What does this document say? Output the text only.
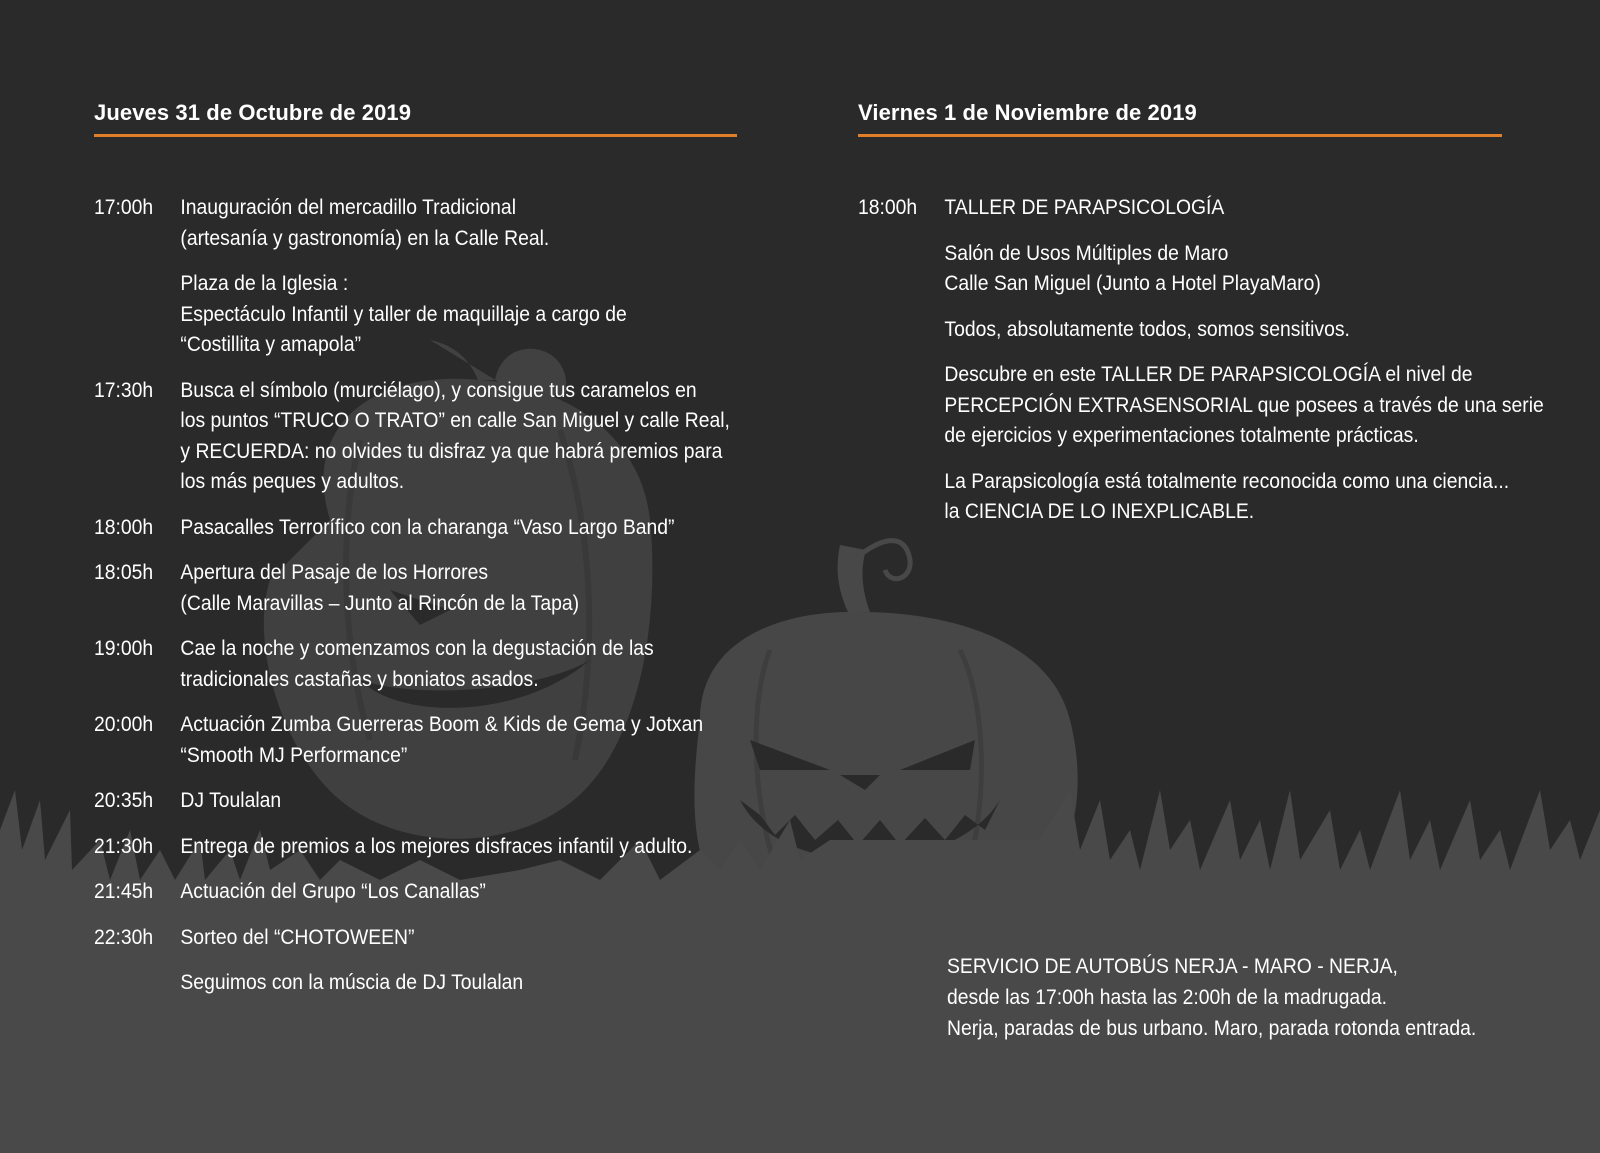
Jueves 31 de Octubre de 2019
17:00h	Inauguración del mercadillo Tradicional
(artesanía y gastronomía) en la Calle Real.
Plaza de la Iglesia :
Espectáculo Infantil y taller de maquillaje a cargo de
“Costillita y amapola”
17:30h	Busca el símbolo (murciélago), y consigue tus caramelos en
los puntos “TRUCO O TRATO” en calle San Miguel y calle Real,
y RECUERDA: no olvides tu disfraz ya que habrá premios para
los más peques y adultos.
18:00h	Pasacalles Terrorífico con la charanga “Vaso Largo Band”
18:05h	Apertura del Pasaje de los Horrores
(Calle Maravillas – Junto al Rincón de la Tapa)
19:00h	Cae la noche y comenzamos con la degustación de las
tradicionales castañas y boniatos asados.
20:00h	Actuación Zumba Guerreras Boom & Kids de Gema y Jotxan
“Smooth MJ Performance”
20:35h	DJ Toulalan
21:30h	Entrega de premios a los mejores disfraces infantil y adulto.
21:45h	Actuación del Grupo “Los Canallas”
22:30h	Sorteo del “CHOTOWEEN”
Seguimos con la múscia de DJ Toulalan
Viernes 1 de Noviembre de 2019
18:00h	TALLER DE PARAPSICOLOGÍA
Salón de Usos Múltiples de Maro
Calle San Miguel (Junto a Hotel PlayaMaro)
Todos, absolutamente todos, somos sensitivos.
Descubre en este TALLER DE PARAPSICOLOGÍA el nivel de
PERCEPCIÓN EXTRASENSORIAL que posees a través de una serie
de ejercicios y experimentaciones totalmente prácticas.
La Parapsicología está totalmente reconocida como una ciencia...
la CIENCIA DE LO INEXPLICABLE.
SERVICIO DE AUTOBÚS NERJA - MARO - NERJA,
desde las 17:00h hasta las 2:00h de la madrugada.
Nerja, paradas de bus urbano. Maro, parada rotonda entrada.
